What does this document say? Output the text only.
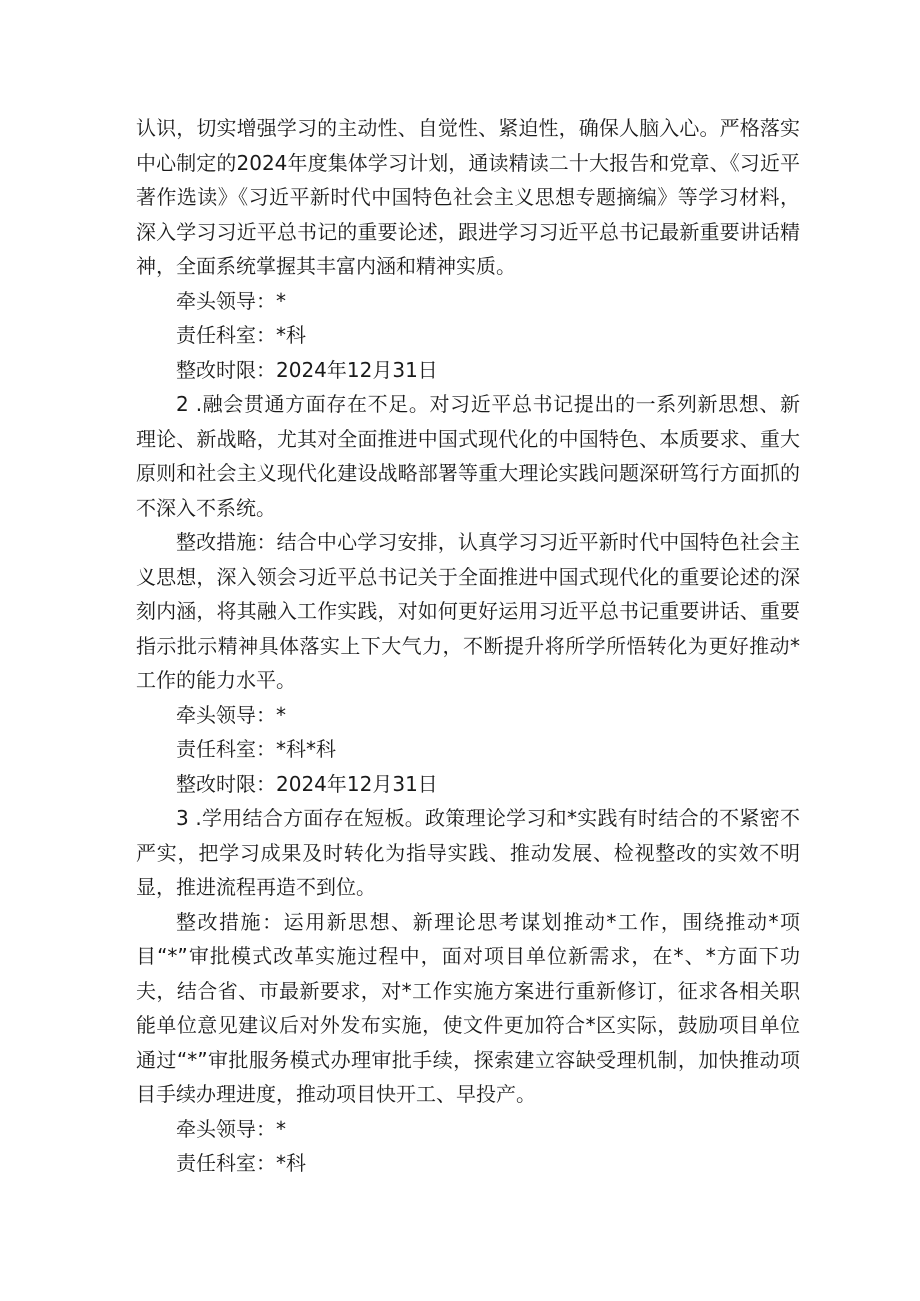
认识，切实增强学习的主动性、自觉性、紧迫性，确保人脑入心。严格落实中心制定的2024年度集体学习计划，通读精读二十大报告和党章、《习近平著作选读》《习近平新时代中国特色社会主义思想专题摘编》等学习材料，深入学习习近平总书记的重要论述，跟进学习习近平总书记最新重要讲话精神，全面系统掌握其丰富内涵和精神实质。

牵头领导：*

责任科室：*科

整改时限：2024年12月31日

2 .融会贯通方面存在不足。对习近平总书记提出的一系列新思想、新理论、新战略，尤其对全面推进中国式现代化的中国特色、本质要求、重大原则和社会主义现代化建设战略部署等重大理论实践问题深研笃行方面抓的不深入不系统。

整改措施：结合中心学习安排，认真学习习近平新时代中国特色社会主义思想，深入领会习近平总书记关于全面推进中国式现代化的重要论述的深刻内涵，将其融入工作实践，对如何更好运用习近平总书记重要讲话、重要指示批示精神具体落实上下大气力，不断提升将所学所悟转化为更好推动*工作的能力水平。

牵头领导：*

责任科室：*科*科

整改时限：2024年12月31日

3 .学用结合方面存在短板。政策理论学习和*实践有时结合的不紧密不严实，把学习成果及时转化为指导实践、推动发展、检视整改的实效不明显，推进流程再造不到位。

整改措施：运用新思想、新理论思考谋划推动*工作，围绕推动*项目“*”审批模式改革实施过程中，面对项目单位新需求，在*、*方面下功夫，结合省、市最新要求，对*工作实施方案进行重新修订，征求各相关职能单位意见建议后对外发布实施，使文件更加符合*区实际，鼓励项目单位通过“*”审批服务模式办理审批手续，探索建立容缺受理机制，加快推动项目手续办理进度，推动项目快开工、早投产。

牵头领导：*

责任科室：*科
